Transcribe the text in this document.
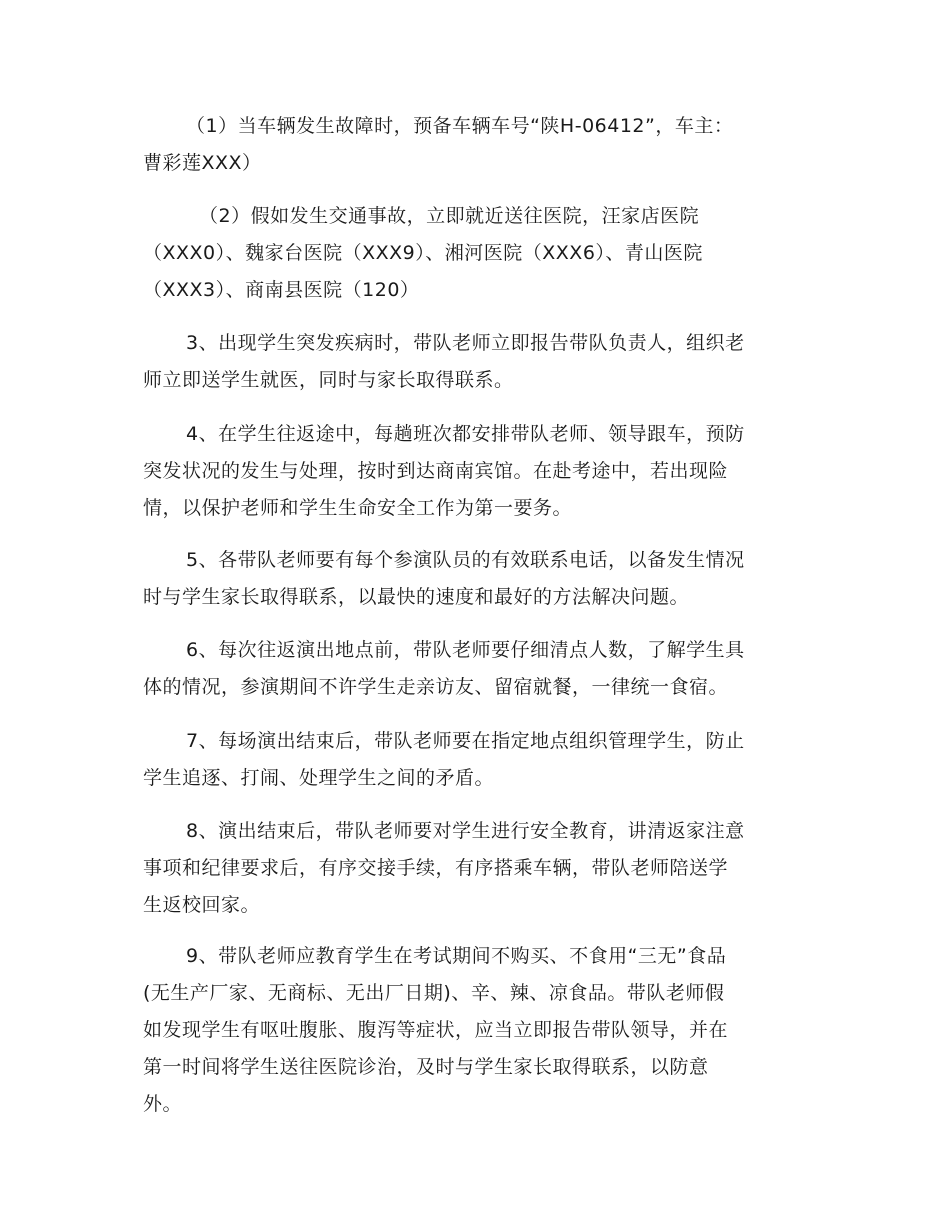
（1）当车辆发生故障时，预备车辆车号“陕H-06412”，车主：
曹彩莲XXX）

（2）假如发生交通事故，立即就近送往医院，汪家店医院
（XXX0）、魏家台医院（XXX9）、湘河医院（XXX6）、青山医院
（XXX3）、商南县医院（120）

3、出现学生突发疾病时，带队老师立即报告带队负责人，组织老
师立即送学生就医，同时与家长取得联系。

4、在学生往返途中，每趟班次都安排带队老师、领导跟车，预防
突发状况的发生与处理，按时到达商南宾馆。在赴考途中，若出现险
情，以保护老师和学生生命安全工作为第一要务。

5、各带队老师要有每个参演队员的有效联系电话，以备发生情况
时与学生家长取得联系，以最快的速度和最好的方法解决问题。

6、每次往返演出地点前，带队老师要仔细清点人数，了解学生具
体的情况，参演期间不许学生走亲访友、留宿就餐，一律统一食宿。

7、每场演出结束后，带队老师要在指定地点组织管理学生，防止
学生追逐、打闹、处理学生之间的矛盾。

8、演出结束后，带队老师要对学生进行安全教育，讲清返家注意
事项和纪律要求后，有序交接手续，有序搭乘车辆，带队老师陪送学
生返校回家。

9、带队老师应教育学生在考试期间不购买、不食用“三无”食品
(无生产厂家、无商标、无出厂日期)、辛、辣、凉食品。带队老师假
如发现学生有呕吐腹胀、腹泻等症状，应当立即报告带队领导，并在
第一时间将学生送往医院诊治，及时与学生家长取得联系，以防意
外。
